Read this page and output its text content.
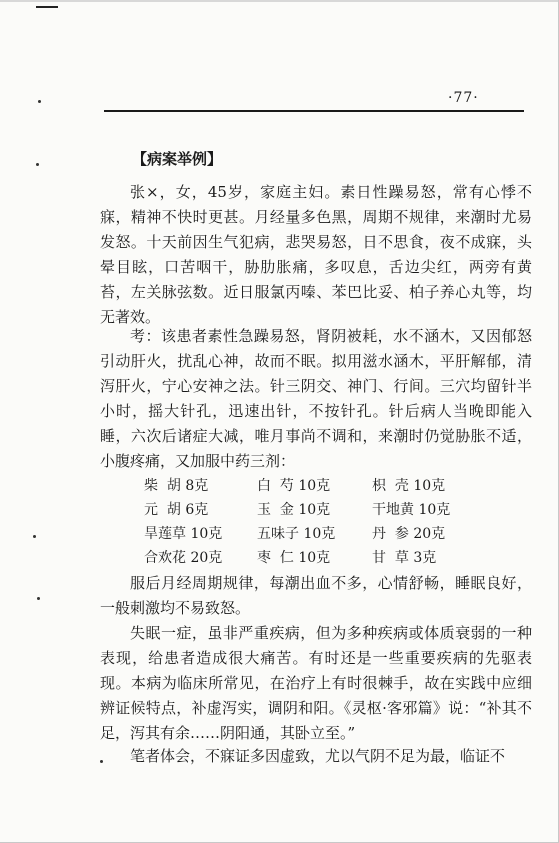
·77·
【病案举例】

张×，女，45岁，家庭主妇。素日性躁易怒，常有心悸不寐，精神不快时更甚。月经量多色黑，周期不规律，来潮时尤易发怒。十天前因生气犯病，悲哭易怒，日不思食，夜不成寐，头晕目眩，口苦咽干，胁肋胀痛，多叹息，舌边尖红，两旁有黄苔，左关脉弦数。近日服氯丙嗪、苯巴比妥、柏子养心丸等，均无著效。

考：该患者素性急躁易怒，肾阴被耗，水不涵木，又因郁怒引动肝火，扰乱心神，故而不眠。拟用滋水涵木，平肝解郁，清泻肝火，宁心安神之法。针三阴交、神门、行间。三穴均留针半小时，摇大针孔，迅速出针，不按针孔。针后病人当晚即能入睡，六次后诸症大减，唯月事尚不调和，来潮时仍觉胁胀不适，小腹疼痛，又加服中药三剂：

柴  胡 8克	白  芍 10克	枳  壳 10克
元  胡 6克	玉  金 10克	干地黄 10克
旱莲草 10克 五味子 10克	丹  参 20克
合欢花 20克 枣  仁 10克	甘  草 3克

服后月经周期规律，每潮出血不多，心情舒畅，睡眠良好，一般刺激均不易致怒。

失眠一症，虽非严重疾病，但为多种疾病或体质衰弱的一种表现，给患者造成很大痛苦。有时还是一些重要疾病的先驱表现。本病为临床所常见，在治疗上有时很棘手，故在实践中应细辨证候特点，补虚泻实，调阴和阳。《灵枢·客邪篇》说：“补其不足，泻其有余……阴阳通，其卧立至。”

笔者体会，不寐证多因虚致，尤以气阴不足为最，临证不
